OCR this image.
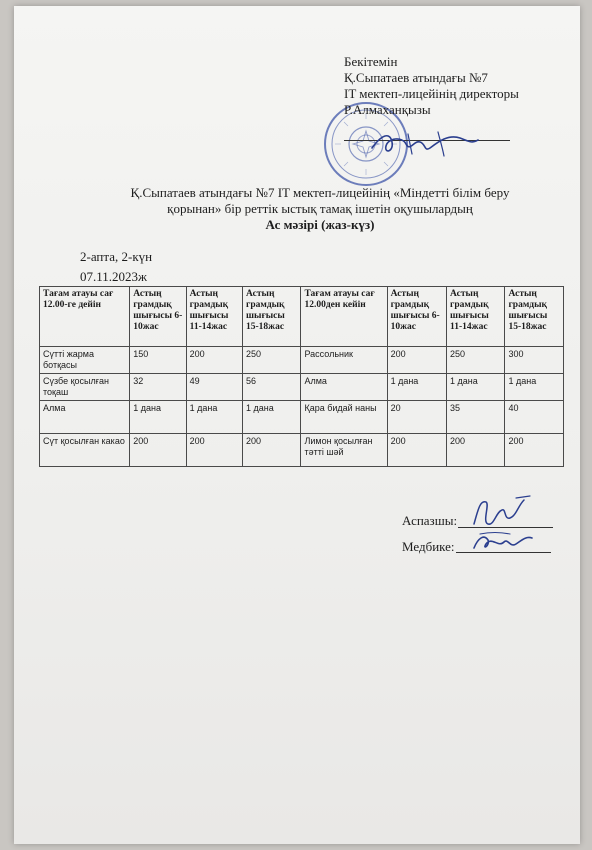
Бекітемін
Қ.Сыпатаев атындағы №7
IT мектеп-лицейінің директоры
Р.Алмаханқызы
Қ.Сыпатаев атындағы №7 IT мектеп-лицейінің «Міндетті білім беру
қорынан» бір реттік ыстық тамақ ішетін оқушылардың
Ас мәзірі (жаз-күз)
2-апта, 2-күн
07.11.2023ж
Тағам атауы сағ 12.00-ге дейін	Астың грамдық шығысы 6-10жас	Астың грамдық шығысы 11-14жас	Астың грамдық шығысы 15-18жас	Тағам атауы сағ 12.00ден кейін	Астың грамдық шығысы 6-10жас	Астың грамдық шығысы 11-14жас	Астың грамдық шығысы 15-18жас
Сүтті жарма ботқасы	150	200	250	Рассольник	200	250	300
Сүзбе қосылған тоқаш	32	49	56	Алма	1 дана	1 дана	1 дана
Алма	1 дана	1 дана	1 дана	Қара бидай наны	20	35	40
Сүт қосылған какао	200	200	200	Лимон қосылған тәтті шәй	200	200	200
Аспазшы:
Медбике:
